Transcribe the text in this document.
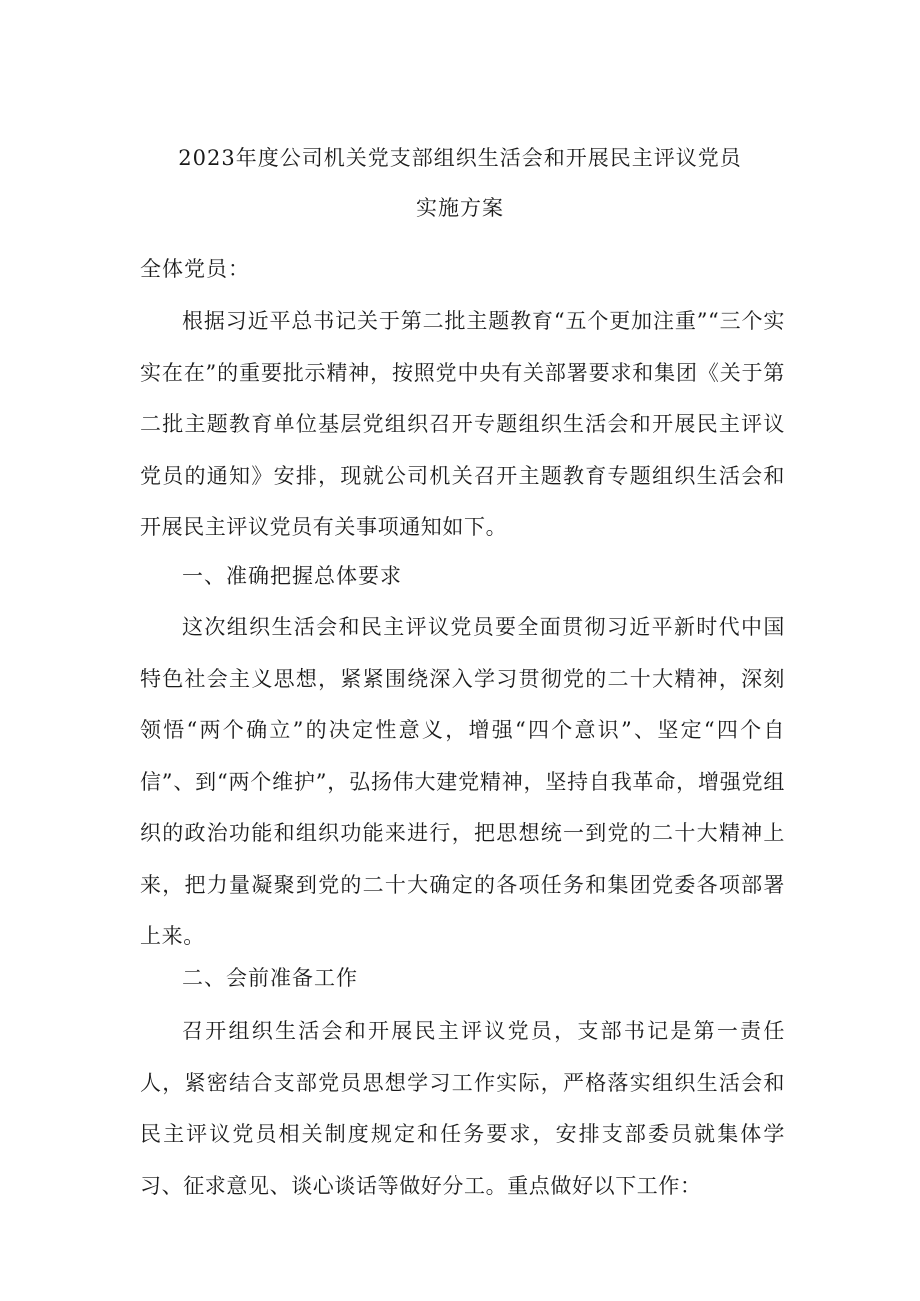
2023年度公司机关党支部组织生活会和开展民主评议党员
实施方案

全体党员：

根据习近平总书记关于第二批主题教育“五个更加注重”“三个实实在在”的重要批示精神，按照党中央有关部署要求和集团《关于第二批主题教育单位基层党组织召开专题组织生活会和开展民主评议党员的通知》安排，现就公司机关召开主题教育专题组织生活会和开展民主评议党员有关事项通知如下。

一、准确把握总体要求

这次组织生活会和民主评议党员要全面贯彻习近平新时代中国特色社会主义思想，紧紧围绕深入学习贯彻党的二十大精神，深刻领悟“两个确立”的决定性意义，增强“四个意识”、坚定“四个自信”、到“两个维护”，弘扬伟大建党精神，坚持自我革命，增强党组织的政治功能和组织功能来进行，把思想统一到党的二十大精神上来，把力量凝聚到党的二十大确定的各项任务和集团党委各项部署上来。

二、会前准备工作

召开组织生活会和开展民主评议党员，支部书记是第一责任人，紧密结合支部党员思想学习工作实际，严格落实组织生活会和民主评议党员相关制度规定和任务要求，安排支部委员就集体学习、征求意见、谈心谈话等做好分工。重点做好以下工作：
